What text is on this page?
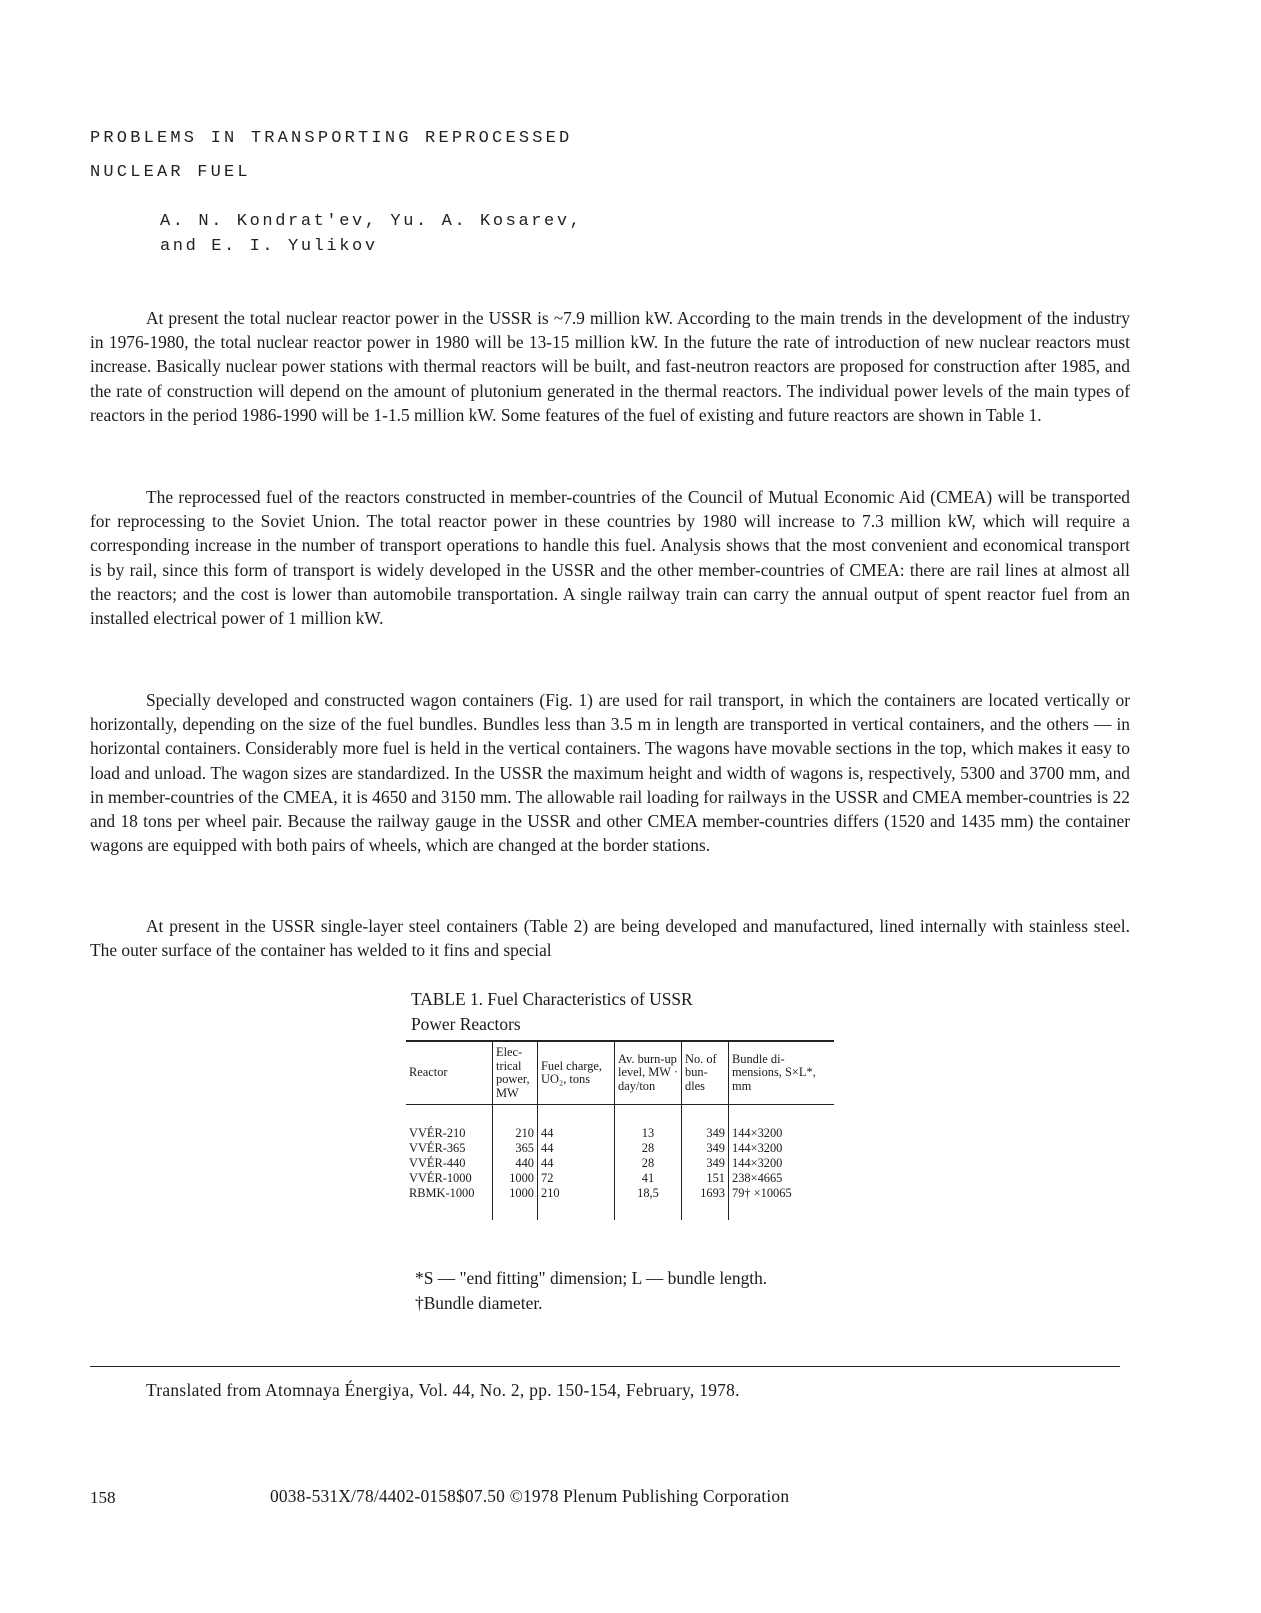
PROBLEMS IN TRANSPORTING REPROCESSED
NUCLEAR FUEL
A. N. Kondrat'ev, Yu. A. Kosarev,
and E. I. Yulikov

At present the total nuclear reactor power in the USSR is ~7.9 million kW. According to the main trends in the development of the industry in 1976-1980, the total nuclear reactor power in 1980 will be 13-15 million kW. In the future the rate of introduction of new nuclear reactors must increase. Basically nuclear power stations with thermal reactors will be built, and fast-neutron reactors are proposed for construction after 1985, and the rate of construction will depend on the amount of plutonium generated in the thermal reactors. The individual power levels of the main types of reactors in the period 1986-1990 will be 1-1.5 million kW. Some features of the fuel of existing and future reactors are shown in Table 1.

The reprocessed fuel of the reactors constructed in member-countries of the Council of Mutual Economic Aid (CMEA) will be transported for reprocessing to the Soviet Union. The total reactor power in these countries by 1980 will increase to 7.3 million kW, which will require a corresponding increase in the number of transport operations to handle this fuel. Analysis shows that the most convenient and economical transport is by rail, since this form of transport is widely developed in the USSR and the other member-countries of CMEA: there are rail lines at almost all the reactors; and the cost is lower than automobile transportation. A single railway train can carry the annual output of spent reactor fuel from an installed electrical power of 1 million kW.

Specially developed and constructed wagon containers (Fig. 1) are used for rail transport, in which the containers are located vertically or horizontally, depending on the size of the fuel bundles. Bundles less than 3.5 m in length are transported in vertical containers, and the others — in horizontal containers. Considerably more fuel is held in the vertical containers. The wagons have movable sections in the top, which makes it easy to load and unload. The wagon sizes are standardized. In the USSR the maximum height and width of wagons is, respectively, 5300 and 3700 mm, and in member-countries of the CMEA, it is 4650 and 3150 mm. The allowable rail loading for railways in the USSR and CMEA member-countries is 22 and 18 tons per wheel pair. Because the railway gauge in the USSR and other CMEA member-countries differs (1520 and 1435 mm) the container wagons are equipped with both pairs of wheels, which are changed at the border stations.

At present in the USSR single-layer steel containers (Table 2) are being developed and manufactured, lined internally with stainless steel. The outer surface of the container has welded to it fins and special

TABLE 1. Fuel Characteristics of USSR
Power Reactors
Reactor	Elec-trical power, MW	Fuel charge, UO₂, tons	Av. burn-up level, MW · day/ton	No. of bun-dles	Bundle di-mensions, S×L*, mm
VVÉR-210	210	44	13	349	144×3200
VVÉR-365	365	44	28	349	144×3200
VVÉR-440	440	44	28	349	144×3200
VVÉR-1000	1000	72	41	151	238×4665
RBMK-1000	1000	210	18,5	1693	79† ×10065
*S — "end fitting" dimension; L — bundle length.
†Bundle diameter.
Translated from Atomnaya Énergiya, Vol. 44, No. 2, pp. 150-154, February, 1978.
158	0038-531X/78/4402-0158$07.50 ©1978 Plenum Publishing Corporation
